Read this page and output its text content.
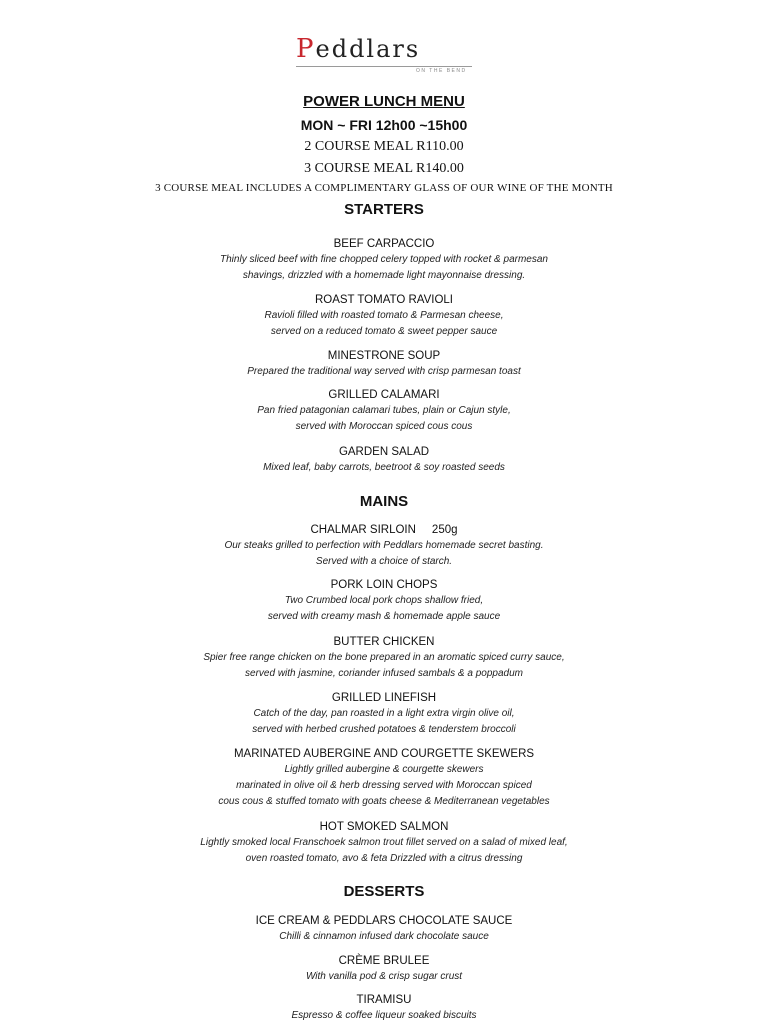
Peddlars
ON THE BEND
POWER LUNCH MENU
MON ~ FRI 12h00 ~15h00
2 COURSE MEAL R110.00
3 COURSE MEAL R140.00
3 COURSE MEAL INCLUDES A COMPLIMENTARY GLASS OF OUR WINE OF THE MONTH
STARTERS
BEEF CARPACCIO
Thinly sliced beef with fine chopped celery topped with rocket & parmesan
shavings, drizzled with a homemade light mayonnaise dressing.
ROAST TOMATO RAVIOLI
Ravioli filled with roasted tomato & Parmesan cheese,
served on a reduced tomato & sweet pepper sauce
MINESTRONE SOUP
Prepared the traditional way served with crisp parmesan toast
GRILLED CALAMARI
Pan fried patagonian calamari tubes, plain or Cajun style,
served with Moroccan spiced cous cous
GARDEN SALAD
Mixed leaf, baby carrots, beetroot & soy roasted seeds
MAINS
CHALMAR SIRLOIN 250g
Our steaks grilled to perfection with Peddlars homemade secret basting.
Served with a choice of starch.
PORK LOIN CHOPS
Two Crumbed local pork chops shallow fried,
served with creamy mash & homemade apple sauce
BUTTER CHICKEN
Spier free range chicken on the bone prepared in an aromatic spiced curry sauce,
served with jasmine, coriander infused sambals & a poppadum
GRILLED LINEFISH
Catch of the day, pan roasted in a light extra virgin olive oil,
served with herbed crushed potatoes & tenderstem broccoli
MARINATED AUBERGINE AND COURGETTE SKEWERS
Lightly grilled aubergine & courgette skewers
marinated in olive oil & herb dressing served with Moroccan spiced
cous cous & stuffed tomato with goats cheese & Mediterranean vegetables
HOT SMOKED SALMON
Lightly smoked local Franschoek salmon trout fillet served on a salad of mixed leaf,
oven roasted tomato, avo & feta Drizzled with a citrus dressing
DESSERTS
ICE CREAM & PEDDLARS CHOCOLATE SAUCE
Chilli & cinnamon infused dark chocolate sauce
CRÈME BRULEE
With vanilla pod & crisp sugar crust
TIRAMISU
Espresso & coffee liqueur soaked biscuits
